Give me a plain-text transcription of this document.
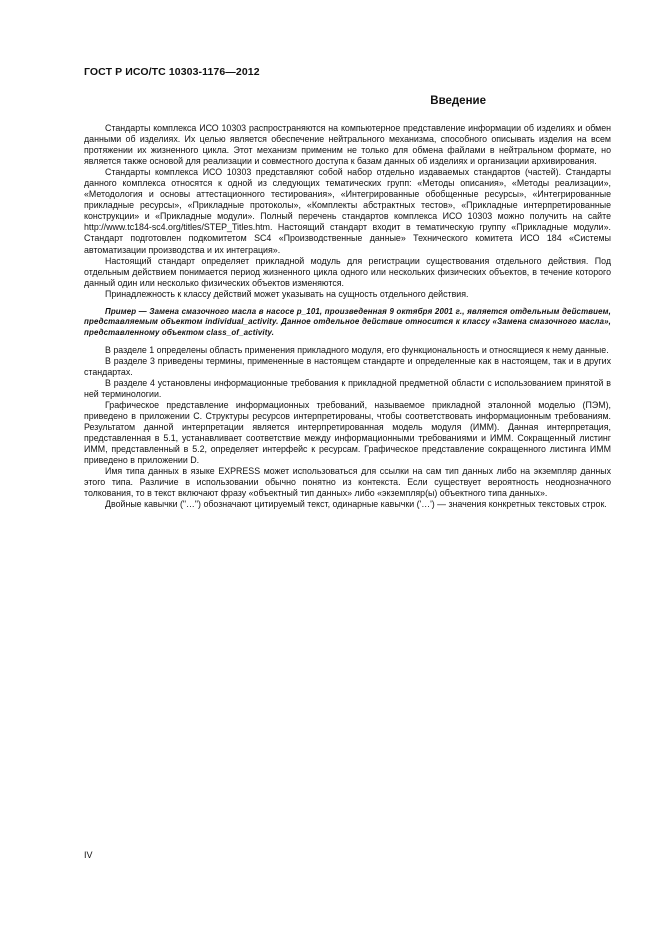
ГОСТ Р ИСО/ТС 10303-1176—2012
Введение

Стандарты комплекса ИСО 10303 распространяются на компьютерное представление информации об изделиях и обмен данными об изделиях. Их целью является обеспечение нейтрального механизма, способного описывать изделия на всем протяжении их жизненного цикла. Этот механизм применим не только для обмена файлами в нейтральном формате, но является также основой для реализации и совместного доступа к базам данных об изделиях и организации архивирования.

Стандарты комплекса ИСО 10303 представляют собой набор отдельно издаваемых стандартов (частей). Стандарты данного комплекса относятся к одной из следующих тематических групп: «Методы описания», «Методы реализации», «Методология и основы аттестационного тестирования», «Интегрированные обобщенные ресурсы», «Интегрированные прикладные ресурсы», «Прикладные протоколы», «Комплекты абстрактных тестов», «Прикладные интерпретированные конструкции» и «Прикладные модули». Полный перечень стандартов комплекса ИСО 10303 можно получить на сайте http://www.tc184-sc4.org/titles/STEP_Titles.htm. Настоящий стандарт входит в тематическую группу «Прикладные модули». Стандарт подготовлен подкомитетом SC4 «Производственные данные» Технического комитета ИСО 184 «Системы автоматизации производства и их интеграция».

Настоящий стандарт определяет прикладной модуль для регистрации существования отдельного действия. Под отдельным действием понимается период жизненного цикла одного или нескольких физических объектов, в течение которого данный один или несколько физических объектов изменяются.

Принадлежность к классу действий может указывать на сущность отдельного действия.

Пример — Замена смазочного масла в насосе p_101, произведенная 9 октября 2001 г., является отдельным действием, представляемым объектом individual_activity. Данное отдельное действие относится к классу «Замена смазочного масла», представленному объектом class_of_activity.

В разделе 1 определены область применения прикладного модуля, его функциональность и относящиеся к нему данные.

В разделе 3 приведены термины, примененные в настоящем стандарте и определенные как в настоящем, так и в других стандартах.

В разделе 4 установлены информационные требования к прикладной предметной области с использованием принятой в ней терминологии.

Графическое представление информационных требований, называемое прикладной эталонной моделью (ПЭМ), приведено в приложении С. Структуры ресурсов интерпретированы, чтобы соответствовать информационным требованиям. Результатом данной интерпретации является интерпретированная модель модуля (ИММ). Данная интерпретация, представленная в 5.1, устанавливает соответствие между информационными требованиями и ИММ. Сокращенный листинг ИММ, представленный в 5.2, определяет интерфейс к ресурсам. Графическое представление сокращенного листинга ИММ приведено в приложении D.

Имя типа данных в языке EXPRESS может использоваться для ссылки на сам тип данных либо на экземпляр данных этого типа. Различие в использовании обычно понятно из контекста. Если существует вероятность неоднозначного толкования, то в текст включают фразу «объектный тип данных» либо «экземпляр(ы) объектного типа данных».

Двойные кавычки ("…") обозначают цитируемый текст, одинарные кавычки ('…') — значения конкретных текстовых строк.

IV
